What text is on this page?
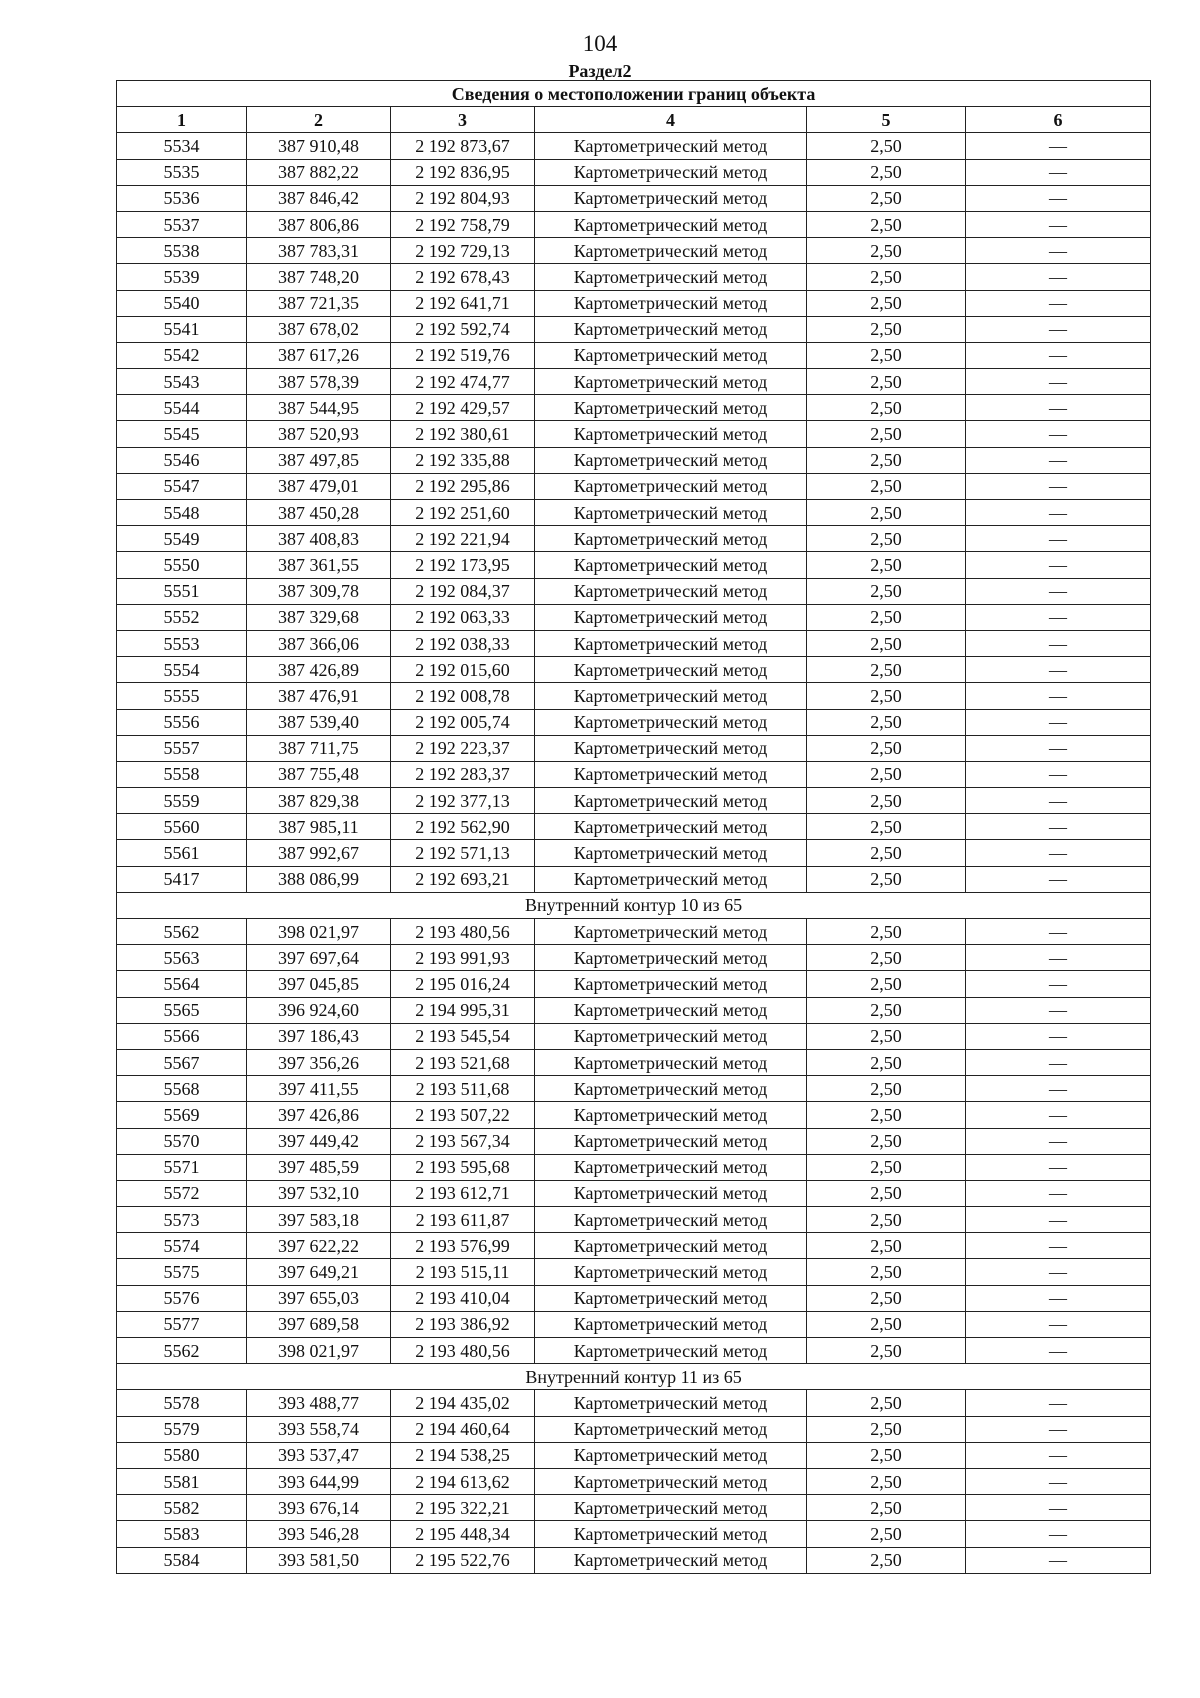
104
Раздел2
Сведения о местоположении границ объекта					
1	2	3	4	5	6
5534	387 910,48	2 192 873,67	Картометрический метод	2,50	—
5535	387 882,22	2 192 836,95	Картометрический метод	2,50	—
5536	387 846,42	2 192 804,93	Картометрический метод	2,50	—
5537	387 806,86	2 192 758,79	Картометрический метод	2,50	—
5538	387 783,31	2 192 729,13	Картометрический метод	2,50	—
5539	387 748,20	2 192 678,43	Картометрический метод	2,50	—
5540	387 721,35	2 192 641,71	Картометрический метод	2,50	—
5541	387 678,02	2 192 592,74	Картометрический метод	2,50	—
5542	387 617,26	2 192 519,76	Картометрический метод	2,50	—
5543	387 578,39	2 192 474,77	Картометрический метод	2,50	—
5544	387 544,95	2 192 429,57	Картометрический метод	2,50	—
5545	387 520,93	2 192 380,61	Картометрический метод	2,50	—
5546	387 497,85	2 192 335,88	Картометрический метод	2,50	—
5547	387 479,01	2 192 295,86	Картометрический метод	2,50	—
5548	387 450,28	2 192 251,60	Картометрический метод	2,50	—
5549	387 408,83	2 192 221,94	Картометрический метод	2,50	—
5550	387 361,55	2 192 173,95	Картометрический метод	2,50	—
5551	387 309,78	2 192 084,37	Картометрический метод	2,50	—
5552	387 329,68	2 192 063,33	Картометрический метод	2,50	—
5553	387 366,06	2 192 038,33	Картометрический метод	2,50	—
5554	387 426,89	2 192 015,60	Картометрический метод	2,50	—
5555	387 476,91	2 192 008,78	Картометрический метод	2,50	—
5556	387 539,40	2 192 005,74	Картометрический метод	2,50	—
5557	387 711,75	2 192 223,37	Картометрический метод	2,50	—
5558	387 755,48	2 192 283,37	Картометрический метод	2,50	—
5559	387 829,38	2 192 377,13	Картометрический метод	2,50	—
5560	387 985,11	2 192 562,90	Картометрический метод	2,50	—
5561	387 992,67	2 192 571,13	Картометрический метод	2,50	—
5417	388 086,99	2 192 693,21	Картометрический метод	2,50	—
Внутренний контур 10 из 65					
5562	398 021,97	2 193 480,56	Картометрический метод	2,50	—
5563	397 697,64	2 193 991,93	Картометрический метод	2,50	—
5564	397 045,85	2 195 016,24	Картометрический метод	2,50	—
5565	396 924,60	2 194 995,31	Картометрический метод	2,50	—
5566	397 186,43	2 193 545,54	Картометрический метод	2,50	—
5567	397 356,26	2 193 521,68	Картометрический метод	2,50	—
5568	397 411,55	2 193 511,68	Картометрический метод	2,50	—
5569	397 426,86	2 193 507,22	Картометрический метод	2,50	—
5570	397 449,42	2 193 567,34	Картометрический метод	2,50	—
5571	397 485,59	2 193 595,68	Картометрический метод	2,50	—
5572	397 532,10	2 193 612,71	Картометрический метод	2,50	—
5573	397 583,18	2 193 611,87	Картометрический метод	2,50	—
5574	397 622,22	2 193 576,99	Картометрический метод	2,50	—
5575	397 649,21	2 193 515,11	Картометрический метод	2,50	—
5576	397 655,03	2 193 410,04	Картометрический метод	2,50	—
5577	397 689,58	2 193 386,92	Картометрический метод	2,50	—
5562	398 021,97	2 193 480,56	Картометрический метод	2,50	—
Внутренний контур 11 из 65					
5578	393 488,77	2 194 435,02	Картометрический метод	2,50	—
5579	393 558,74	2 194 460,64	Картометрический метод	2,50	—
5580	393 537,47	2 194 538,25	Картометрический метод	2,50	—
5581	393 644,99	2 194 613,62	Картометрический метод	2,50	—
5582	393 676,14	2 195 322,21	Картометрический метод	2,50	—
5583	393 546,28	2 195 448,34	Картометрический метод	2,50	—
5584	393 581,50	2 195 522,76	Картометрический метод	2,50	—
